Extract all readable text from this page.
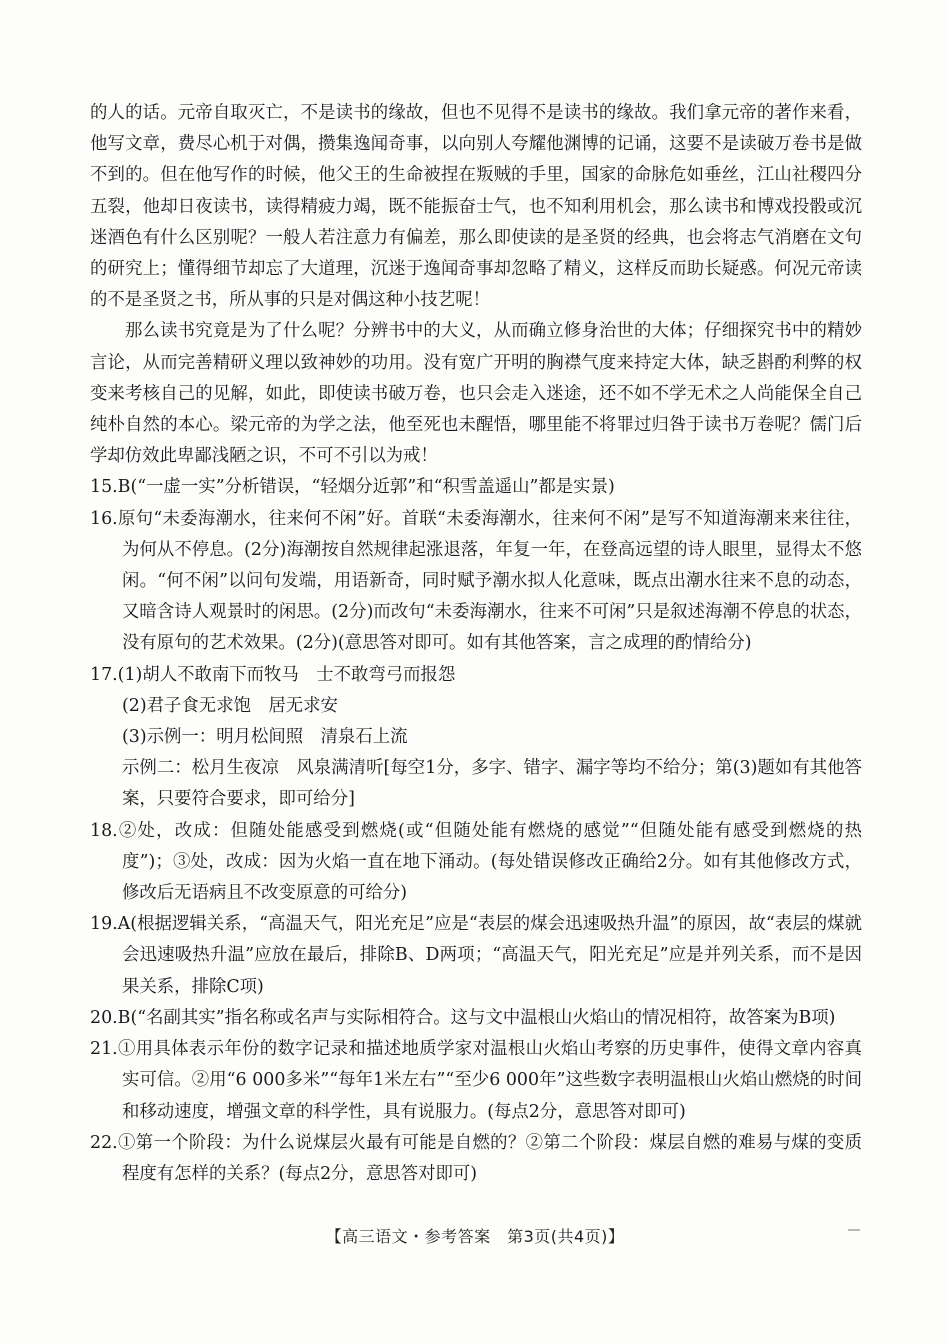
的人的话。元帝自取灭亡，不是读书的缘故，但也不见得不是读书的缘故。我们拿元帝的著作来看，他写文章，费尽心机于对偶，攒集逸闻奇事，以向别人夸耀他渊博的记诵，这要不是读破万卷书是做不到的。但在他写作的时候，他父王的生命被捏在叛贼的手里，国家的命脉危如垂丝，江山社稷四分五裂，他却日夜读书，读得精疲力竭，既不能振奋士气，也不知利用机会，那么读书和博戏投骰或沉迷酒色有什么区别呢？一般人若注意力有偏差，那么即使读的是圣贤的经典，也会将志气消磨在文句的研究上；懂得细节却忘了大道理，沉迷于逸闻奇事却忽略了精义，这样反而助长疑惑。何况元帝读的不是圣贤之书，所从事的只是对偶这种小技艺呢！

那么读书究竟是为了什么呢？分辨书中的大义，从而确立修身治世的大体；仔细探究书中的精妙言论，从而完善精研义理以致神妙的功用。没有宽广开明的胸襟气度来持定大体，缺乏斟酌利弊的权变来考核自己的见解，如此，即使读书破万卷，也只会走入迷途，还不如不学无术之人尚能保全自己纯朴自然的本心。梁元帝的为学之法，他至死也未醒悟，哪里能不将罪过归咎于读书万卷呢？儒门后学却仿效此卑鄙浅陋之识，不可不引以为戒！

15.B(“一虚一实”分析错误，“轻烟分近郭”和“积雪盖遥山”都是实景)

16.原句“未委海潮水，往来何不闲”好。首联“未委海潮水，往来何不闲”是写不知道海潮来来往往，为何从不停息。(2分)海潮按自然规律起涨退落，年复一年，在登高远望的诗人眼里，显得太不悠闲。“何不闲”以问句发端，用语新奇，同时赋予潮水拟人化意味，既点出潮水往来不息的动态，又暗含诗人观景时的闲思。(2分)而改句“未委海潮水，往来不可闲”只是叙述海潮不停息的状态，没有原句的艺术效果。(2分)(意思答对即可。如有其他答案，言之成理的酌情给分)

17.(1)胡人不敢南下而牧马　士不敢弯弓而报怨

(2)君子食无求饱　居无求安

(3)示例一：明月松间照　清泉石上流

示例二：松月生夜凉　风泉满清听[每空1分，多字、错字、漏字等均不给分；第(3)题如有其他答案，只要符合要求，即可给分]

18.②处，改成：但随处能感受到燃烧(或“但随处能有燃烧的感觉”“但随处能有感受到燃烧的热度”)；③处，改成：因为火焰一直在地下涌动。(每处错误修改正确给2分。如有其他修改方式，修改后无语病且不改变原意的可给分)

19.A(根据逻辑关系，“高温天气，阳光充足”应是“表层的煤会迅速吸热升温”的原因，故“表层的煤就会迅速吸热升温”应放在最后，排除B、D两项；“高温天气，阳光充足”应是并列关系，而不是因果关系，排除C项)

20.B(“名副其实”指名称或名声与实际相符合。这与文中温根山火焰山的情况相符，故答案为B项)

21.①用具体表示年份的数字记录和描述地质学家对温根山火焰山考察的历史事件，使得文章内容真实可信。②用“6 000多米”“每年1米左右”“至少6 000年”这些数字表明温根山火焰山燃烧的时间和移动速度，增强文章的科学性，具有说服力。(每点2分，意思答对即可)

22.①第一个阶段：为什么说煤层火最有可能是自燃的？②第二个阶段：煤层自燃的难易与煤的变质程度有怎样的关系？(每点2分，意思答对即可)

【高三语文・参考答案　第3页(共4页)】
